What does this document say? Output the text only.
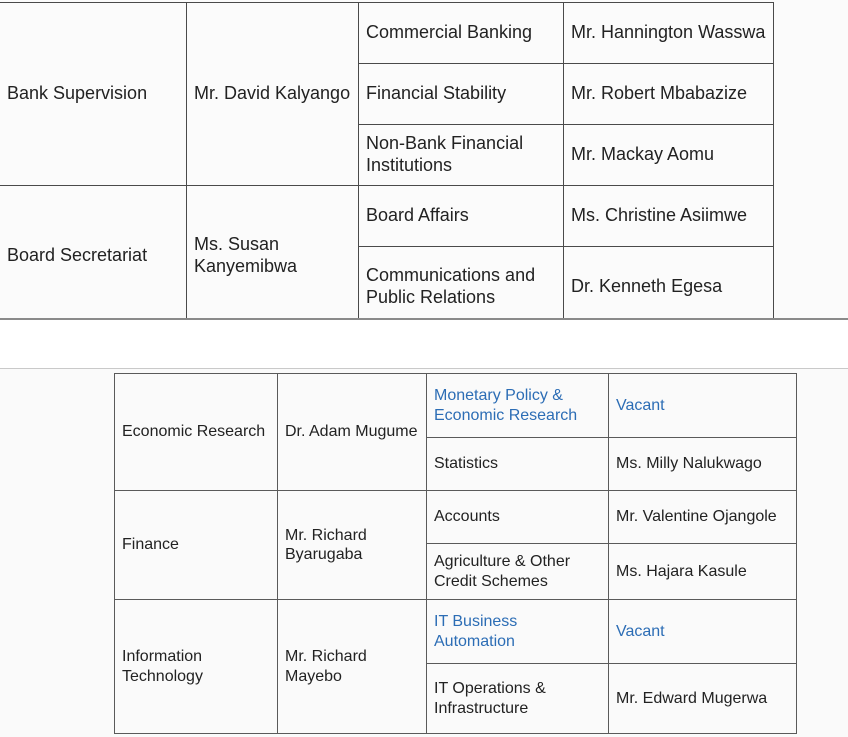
Bank Supervision	Mr. David Kalyango	Commercial Banking	Mr. Hannington Wasswa
		Financial Stability	Mr. Robert Mbabazize
		Non-Bank Financial Institutions	Mr. Mackay Aomu
Board Secretariat	Ms. Susan Kanyemibwa	Board Affairs	Ms. Christine Asiimwe
		Communications and Public Relations	Dr. Kenneth Egesa
Economic Research	Dr. Adam Mugume	Monetary Policy & Economic Research	Vacant
		Statistics	Ms. Milly Nalukwago
Finance	Mr. Richard Byarugaba	Accounts	Mr. Valentine Ojangole
		Agriculture & Other Credit Schemes	Ms. Hajara Kasule
Information Technology	Mr. Richard Mayebo	IT Business Automation	Vacant
		IT Operations & Infrastructure	Mr. Edward Mugerwa
